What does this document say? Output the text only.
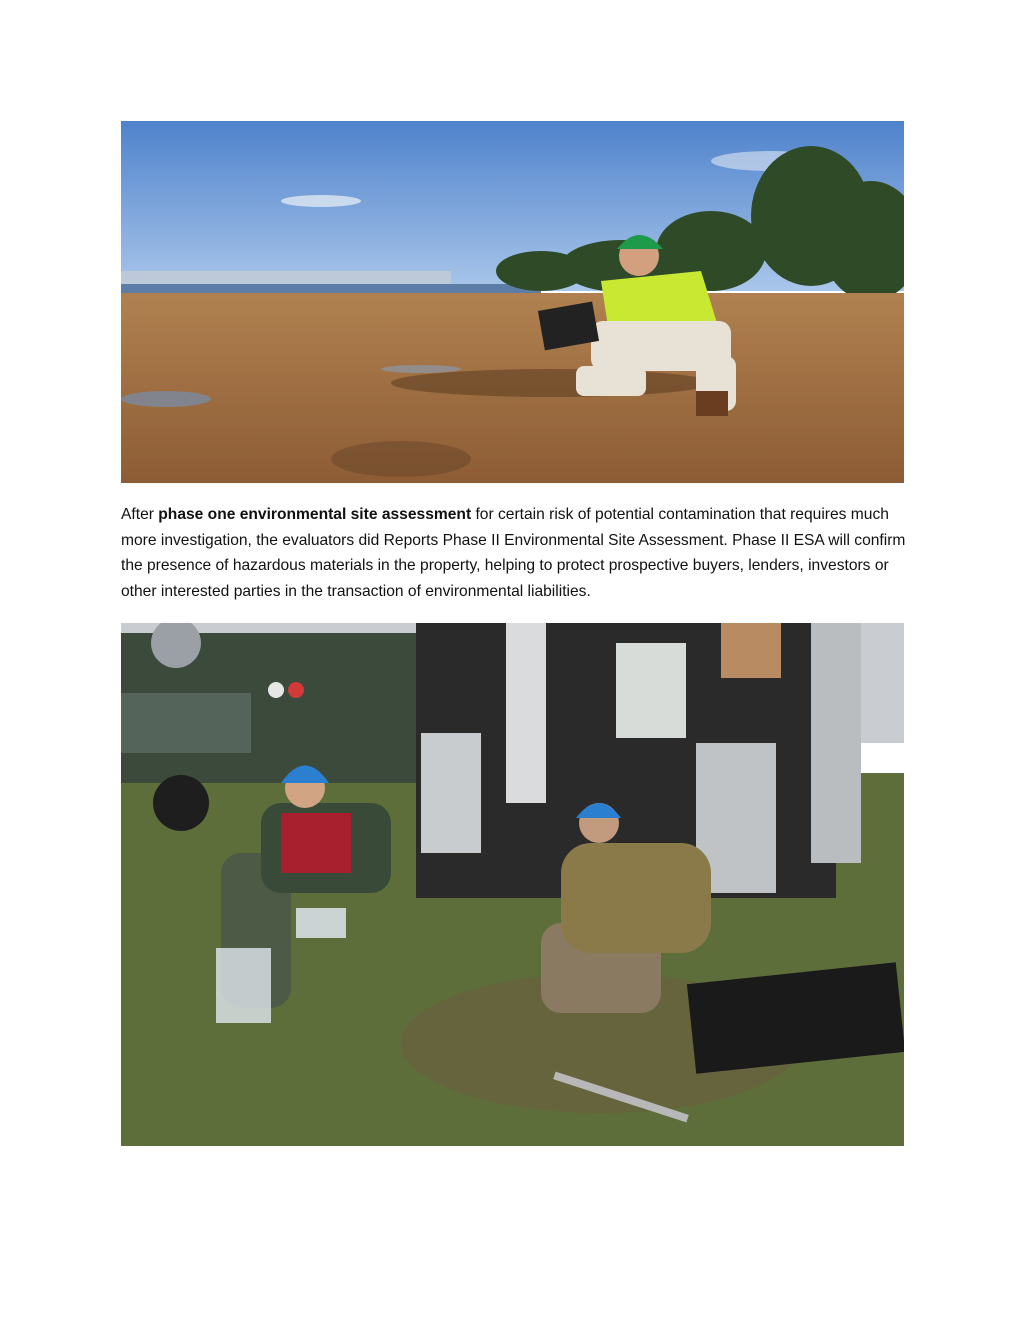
After phase one environmental site assessment for certain risk of potential contamination that requires much more investigation, the evaluators did Reports Phase II Environmental Site Assessment. Phase II ESA will confirm the presence of hazardous materials in the property, helping to protect prospective buyers, lenders, investors or other interested parties in the transaction of environmental liabilities.
